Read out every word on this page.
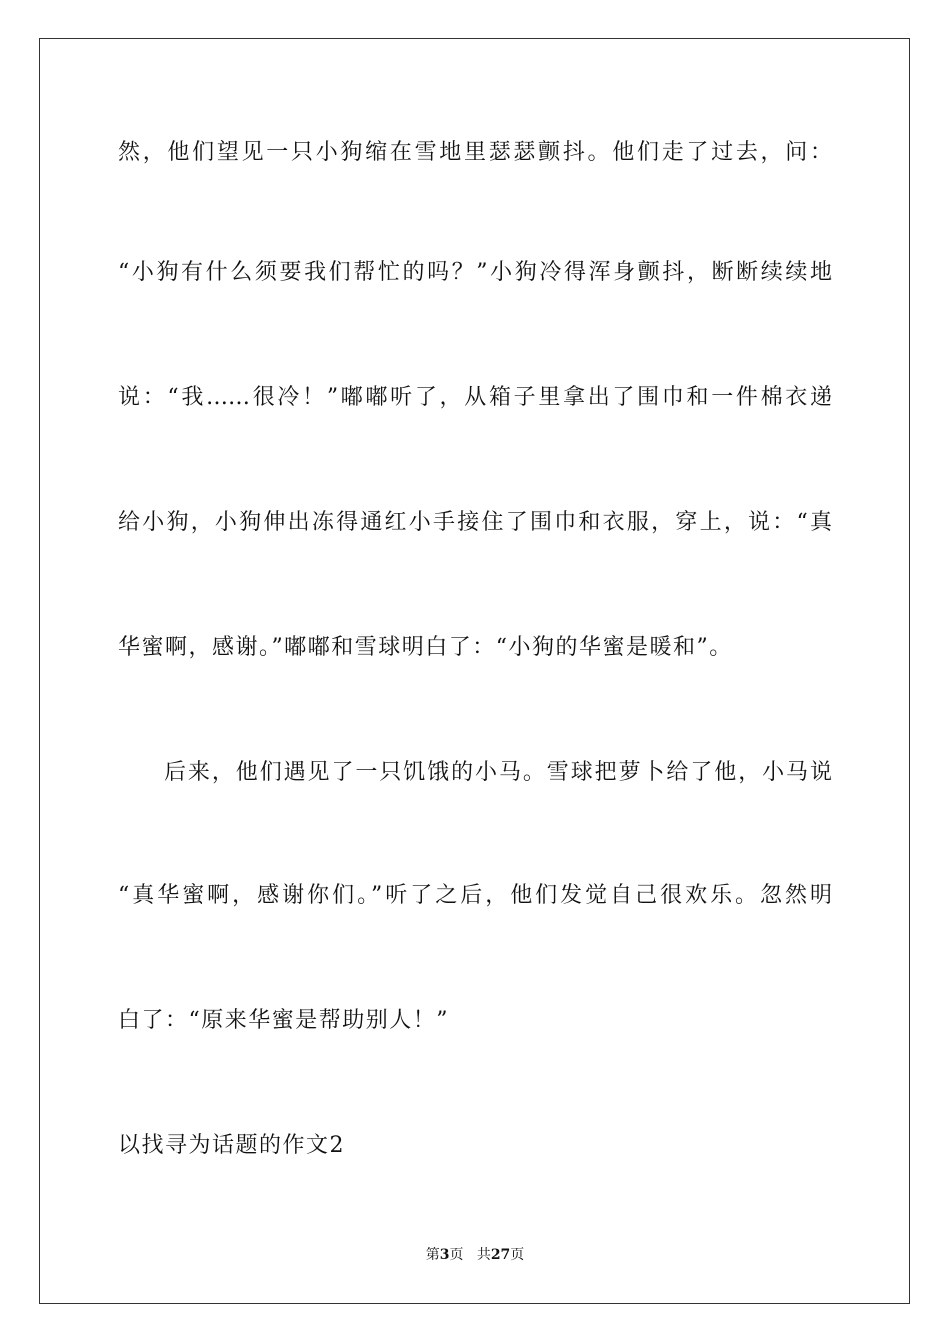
然，他们望见一只小狗缩在雪地里瑟瑟颤抖。他们走了过去，问：
“小狗有什么须要我们帮忙的吗？”小狗冷得浑身颤抖，断断续续地
说：“我……很冷！”嘟嘟听了，从箱子里拿出了围巾和一件棉衣递
给小狗，小狗伸出冻得通红小手接住了围巾和衣服，穿上，说：“真
华蜜啊，感谢。”嘟嘟和雪球明白了：“小狗的华蜜是暖和”。
后来，他们遇见了一只饥饿的小马。雪球把萝卜给了他，小马说
“真华蜜啊，感谢你们。”听了之后，他们发觉自己很欢乐。忽然明
白了：“原来华蜜是帮助别人！”
以找寻为话题的作文2
第3页 共27页
